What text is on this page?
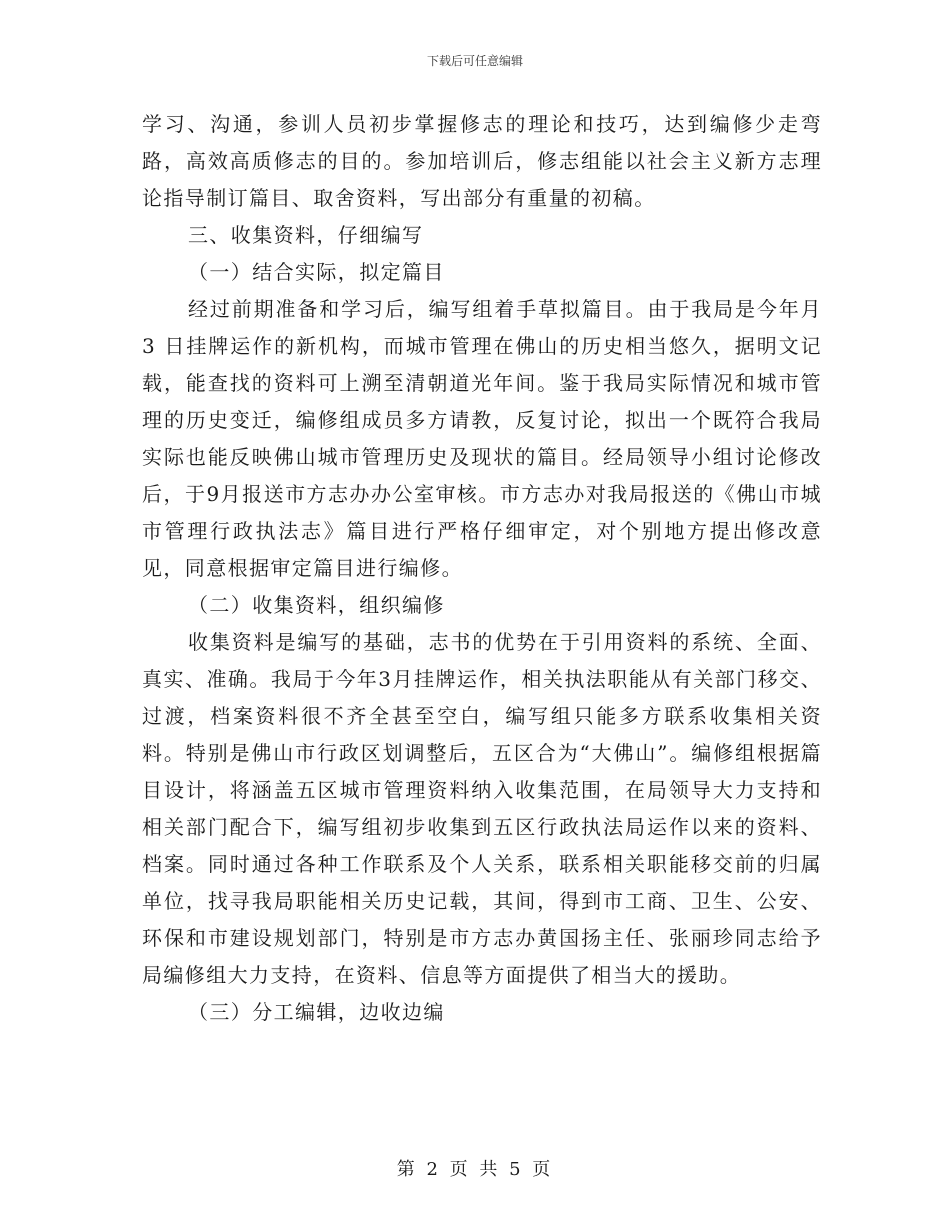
下载后可任意编辑

学习、沟通，参训人员初步掌握修志的理论和技巧，达到编修少走弯路，高效高质修志的目的。参加培训后，修志组能以社会主义新方志理论指导制订篇目、取舍资料，写出部分有重量的初稿。

三、收集资料，仔细编写

（一）结合实际，拟定篇目

经过前期准备和学习后，编写组着手草拟篇目。由于我局是今年月3 日挂牌运作的新机构，而城市管理在佛山的历史相当悠久，据明文记载，能查找的资料可上溯至清朝道光年间。鉴于我局实际情况和城市管理的历史变迁，编修组成员多方请教，反复讨论，拟出一个既符合我局实际也能反映佛山城市管理历史及现状的篇目。经局领导小组讨论修改后，于9月报送市方志办办公室审核。市方志办对我局报送的《佛山市城市管理行政执法志》篇目进行严格仔细审定，对个别地方提出修改意见，同意根据审定篇目进行编修。

（二）收集资料，组织编修

收集资料是编写的基础，志书的优势在于引用资料的系统、全面、真实、准确。我局于今年3月挂牌运作，相关执法职能从有关部门移交、过渡，档案资料很不齐全甚至空白，编写组只能多方联系收集相关资料。特别是佛山市行政区划调整后，五区合为“大佛山”。编修组根据篇目设计，将涵盖五区城市管理资料纳入收集范围，在局领导大力支持和相关部门配合下，编写组初步收集到五区行政执法局运作以来的资料、档案。同时通过各种工作联系及个人关系，联系相关职能移交前的归属单位，找寻我局职能相关历史记载，其间，得到市工商、卫生、公安、环保和市建设规划部门，特别是市方志办黄国扬主任、张丽珍同志给予局编修组大力支持，在资料、信息等方面提供了相当大的援助。

（三）分工编辑，边收边编

第 2 页 共 5 页
